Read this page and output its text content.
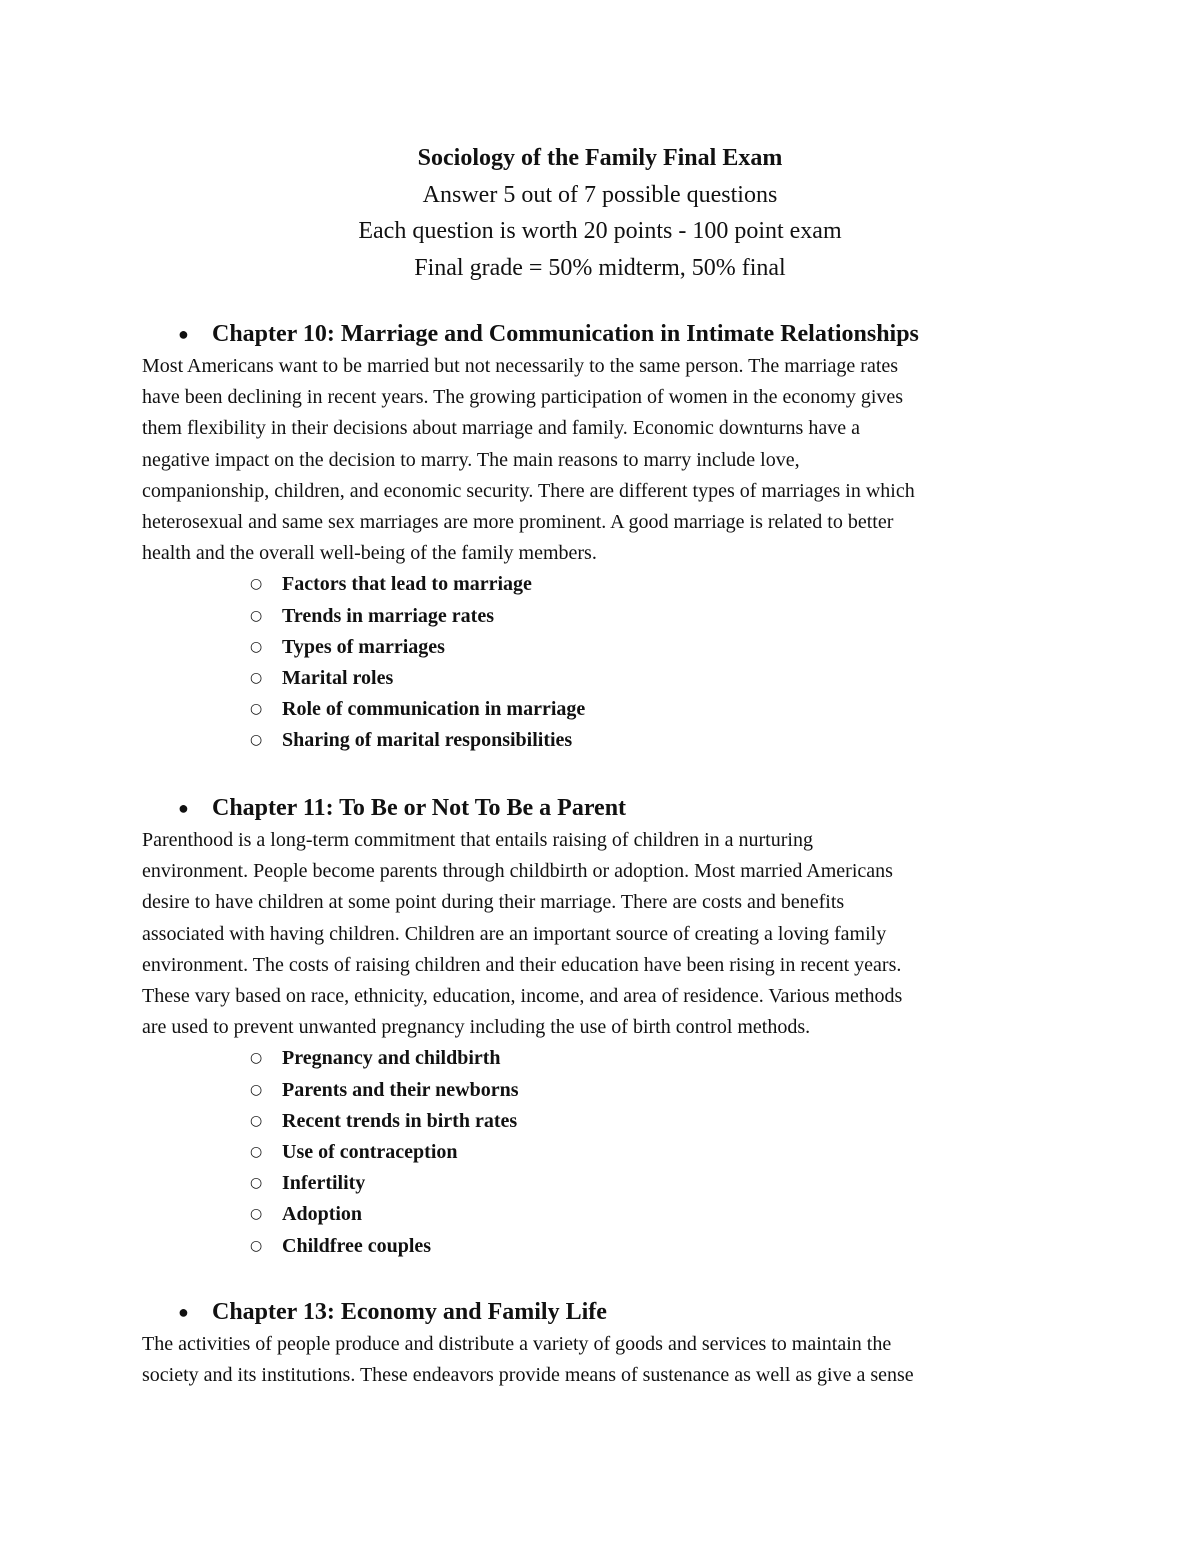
Sociology of the Family Final Exam
Answer 5 out of 7 possible questions
Each question is worth 20 points - 100 point exam
Final grade = 50% midterm, 50% final
● Chapter 10: Marriage and Communication in Intimate Relationships
Most Americans want to be married but not necessarily to the same person. The marriage rates
have been declining in recent years. The growing participation of women in the economy gives
them flexibility in their decisions about marriage and family. Economic downturns have a
negative impact on the decision to marry. The main reasons to marry include love,
companionship, children, and economic security. There are different types of marriages in which
heterosexual and same sex marriages are more prominent. A good marriage is related to better
health and the overall well-being of the family members.
○ Factors that lead to marriage
○ Trends in marriage rates
○ Types of marriages
○ Marital roles
○ Role of communication in marriage
○ Sharing of marital responsibilities
● Chapter 11: To Be or Not To Be a Parent
Parenthood is a long-term commitment that entails raising of children in a nurturing
environment. People become parents through childbirth or adoption. Most married Americans
desire to have children at some point during their marriage. There are costs and benefits
associated with having children. Children are an important source of creating a loving family
environment. The costs of raising children and their education have been rising in recent years.
These vary based on race, ethnicity, education, income, and area of residence. Various methods
are used to prevent unwanted pregnancy including the use of birth control methods.
○ Pregnancy and childbirth
○ Parents and their newborns
○ Recent trends in birth rates
○ Use of contraception
○ Infertility
○ Adoption
○ Childfree couples
● Chapter 13: Economy and Family Life
The activities of people produce and distribute a variety of goods and services to maintain the
society and its institutions. These endeavors provide means of sustenance as well as give a sense
